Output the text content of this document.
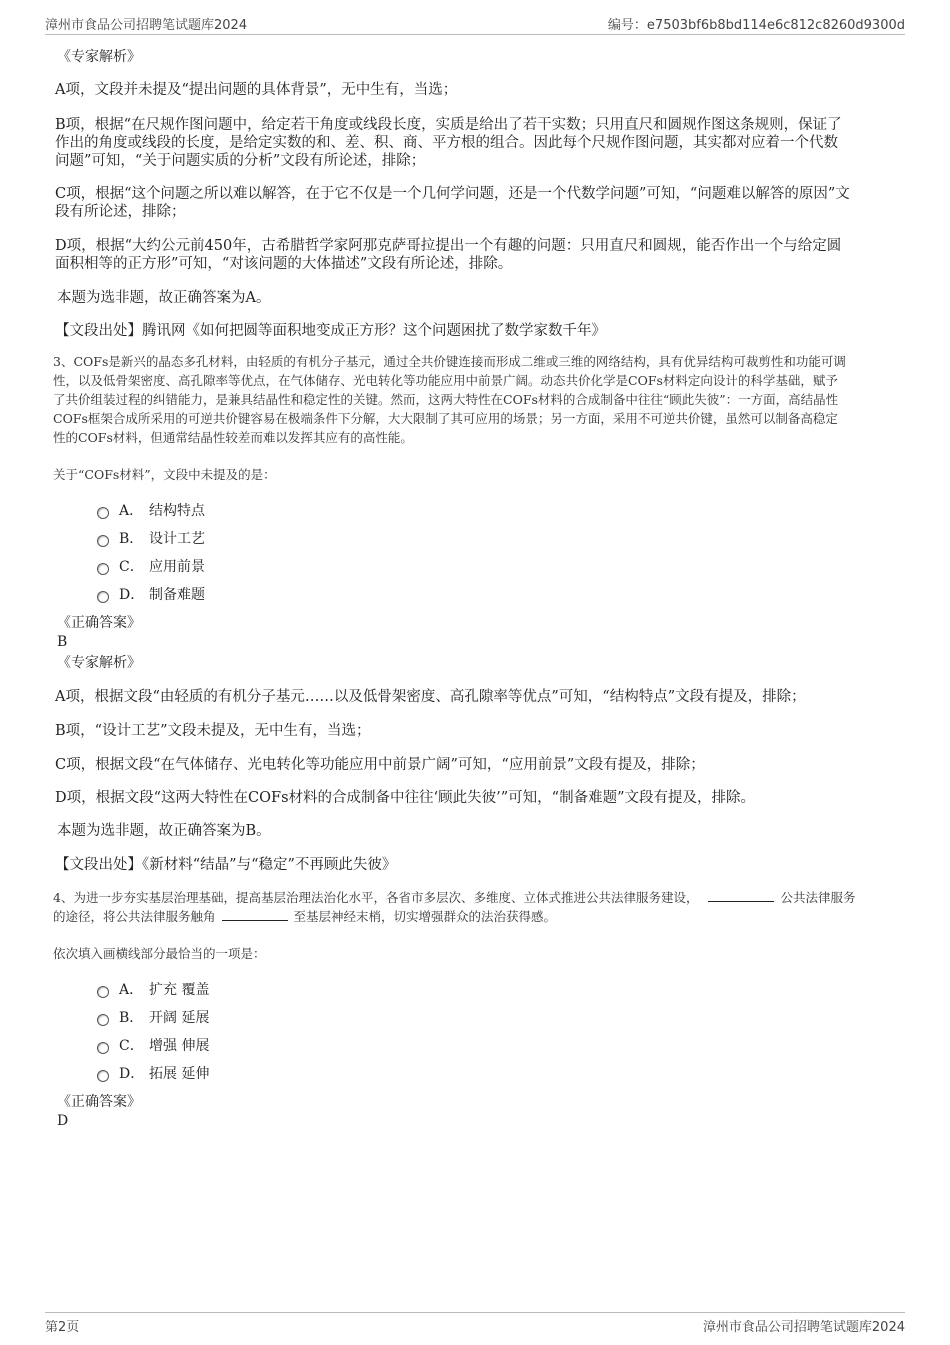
漳州市食品公司招聘笔试题库2024	编号：e7503bf6b8bd114e6c812c8260d9300d
《专家解析》
A项，文段并未提及“提出问题的具体背景”，无中生有，当选；
B项，根据“在尺规作图问题中，给定若干角度或线段长度，实质是给出了若干实数；只用直尺和圆规作图这条规则，保证了
作出的角度或线段的长度，是给定实数的和、差、积、商、平方根的组合。因此每个尺规作图问题，其实都对应着一个代数
问题”可知，“关于问题实质的分析”文段有所论述，排除；
C项，根据“这个问题之所以难以解答，在于它不仅是一个几何学问题，还是一个代数学问题”可知，“问题难以解答的原因”文
段有所论述，排除；
D项，根据“大约公元前450年，古希腊哲学家阿那克萨哥拉提出一个有趣的问题：只用直尺和圆规，能否作出一个与给定圆
面积相等的正方形”可知，“对该问题的大体描述”文段有所论述，排除。
本题为选非题，故正确答案为A。
【文段出处】腾讯网《如何把圆等面积地变成正方形？这个问题困扰了数学家数千年》
3、COFs是新兴的晶态多孔材料，由轻质的有机分子基元，通过全共价键连接而形成二维或三维的网络结构，具有优异结构可裁剪性和功能可调
性，以及低骨架密度、高孔隙率等优点，在气体储存、光电转化等功能应用中前景广阔。动态共价化学是COFs材料定向设计的科学基础，赋予
了共价组装过程的纠错能力，是兼具结晶性和稳定性的关键。然而，这两大特性在COFs材料的合成制备中往往“顾此失彼”：一方面，高结晶性
COFs框架合成所采用的可逆共价键容易在极端条件下分解，大大限制了其可应用的场景；另一方面，采用不可逆共价键，虽然可以制备高稳定
性的COFs材料，但通常结晶性较差而难以发挥其应有的高性能。
关于“COFs材料”，文段中未提及的是：
A． 结构特点
B． 设计工艺
C． 应用前景
D． 制备难题
《正确答案》
B
《专家解析》
A项，根据文段“由轻质的有机分子基元……以及低骨架密度、高孔隙率等优点”可知，“结构特点”文段有提及，排除；
B项，“设计工艺”文段未提及，无中生有，当选；
C项，根据文段“在气体储存、光电转化等功能应用中前景广阔”可知，“应用前景”文段有提及，排除；
D项，根据文段“这两大特性在COFs材料的合成制备中往往‘顾此失彼’”可知，“制备难题”文段有提及，排除。
本题为选非题，故正确答案为B。
【文段出处】《新材料“结晶”与“稳定”不再顾此失彼》
4、为进一步夯实基层治理基础，提高基层治理法治化水平，各省市多层次、多维度、立体式推进公共法律服务建设，	公共法律服务
的途径，将公共法律服务触角	至基层神经末梢，切实增强群众的法治获得感。
依次填入画横线部分最恰当的一项是：
A． 扩充 覆盖
B． 开阔 延展
C． 增强 伸展
D． 拓展 延伸
《正确答案》
D
第2页	漳州市食品公司招聘笔试题库2024
